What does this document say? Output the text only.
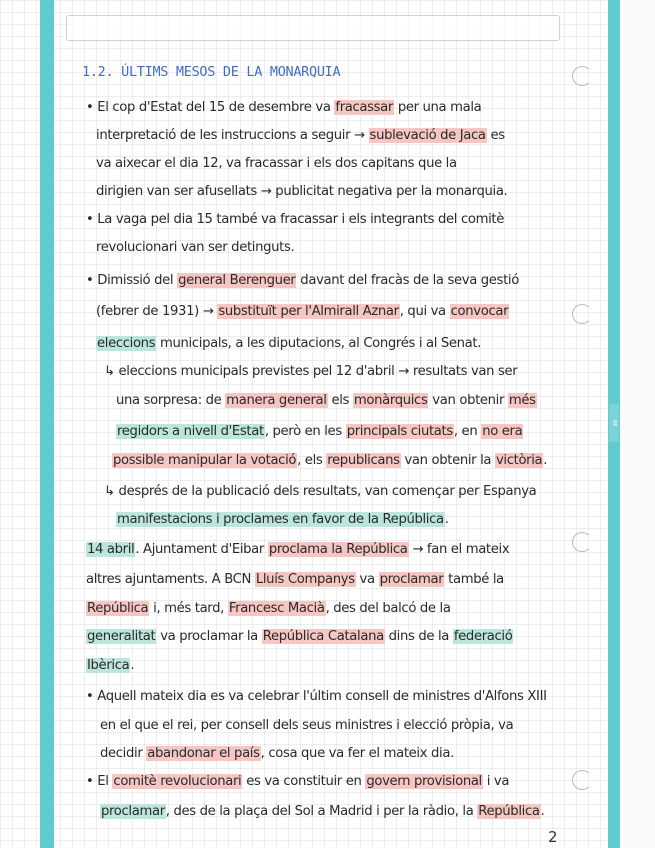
BE
1.2. ÚLTIMS MESOS DE LA MONARQUIA

• El cop d'Estat del 15 de desembre va fracassar per una mala

interpretació de les instruccions a seguir → sublevació de Jaca es

va aixecar el dia 12, va fracassar i els dos capitans que la

dirigien van ser afusellats → publicitat negativa per la monarquia.

• La vaga pel dia 15 també va fracassar i els integrants del comitè

revolucionari van ser detinguts.

• Dimissió del general Berenguer davant del fracàs de la seva gestió

(febrer de 1931) → substituït per l'Almirall Aznar, qui va convocar

eleccions municipals, a les diputacions, al Congrés i al Senat.

↳ eleccions municipals previstes pel 12 d'abril → resultats van ser

una sorpresa: de manera general els monàrquics van obtenir més

regidors a nivell d'Estat, però en les principals ciutats, en no era

possible manipular la votació, els republicans van obtenir la victòria.

↳ després de la publicació dels resultats, van començar per Espanya

manifestacions i proclames en favor de la República.

14 abril. Ajuntament d'Eibar proclama la República → fan el mateix

altres ajuntaments. A BCN Lluís Companys va proclamar també la

República i, més tard, Francesc Macià, des del balcó de la

generalitat va proclamar la República Catalana dins de la federació

Ibèrica.

• Aquell mateix dia es va celebrar l'últim consell de ministres d'Alfons XIII

en el que el rei, per consell dels seus ministres i elecció pròpia, va

decidir abandonar el país, cosa que va fer el mateix dia.

• El comitè revolucionari es va constituir en govern provisional i va

proclamar, des de la plaça del Sol a Madrid i per la ràdio, la República.

2
